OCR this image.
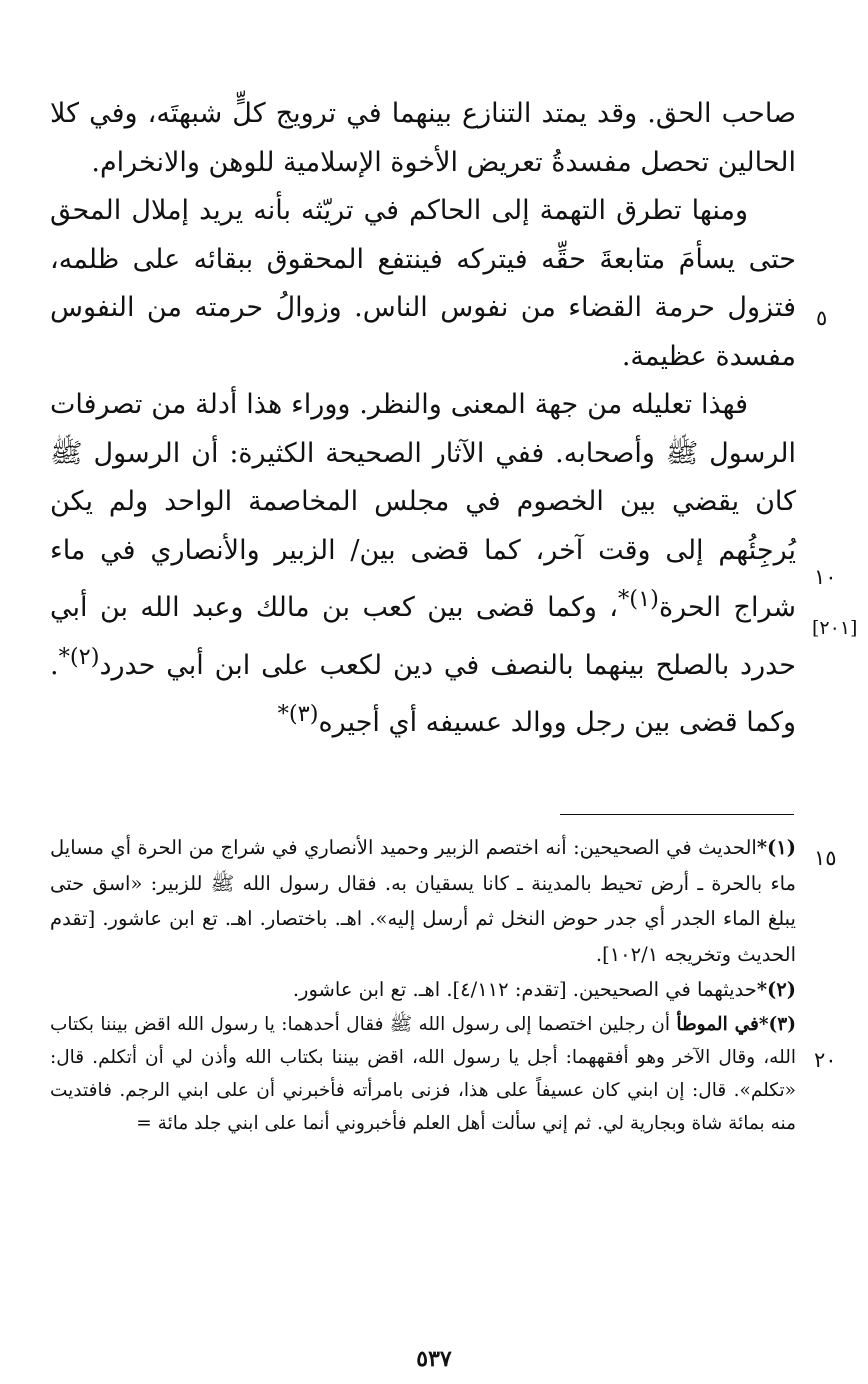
صاحب الحق. وقد يمتد التنازع بينهما في ترويج كلٍّ شبهتَه، وفي كلا الحالين تحصل مفسدةُ تعريض الأخوة الإسلامية للوهن والانخرام.

ومنها تطرق التهمة إلى الحاكم في تريّثه بأنه يريد إملال المحق حتى يسأمَ متابعةَ حقِّه فيتركه فينتفع المحقوق ببقائه على ظلمه، فتزول حرمة القضاء من نفوس الناس. وزوالُ حرمته من النفوس مفسدة عظيمة.

فهذا تعليله من جهة المعنى والنظر. ووراء هذا أدلة من تصرفات الرسول ﷺ وأصحابه. ففي الآثار الصحيحة الكثيرة: أن الرسول ﷺ كان يقضي بين الخصوم في مجلس المخاصمة الواحد ولم يكن يُرجِئُهم إلى وقت آخر، كما قضى بين/ الزبير والأنصاري في ماء شراج الحرة$^{(١)*}$، وكما قضى بين كعب بن مالك وعبد الله بن أبي حدرد بالصلح بينهما بالنصف في دين لكعب على ابن أبي حدرد$^{(٢)*}$. وكما قضى بين رجل ووالد عسيفه أي أجيره$^{(٣)*}$

٥
١٠
١٥
٢٠
[٢٠١]

(١)*الحديث في الصحيحين: أنه اختصم الزبير وحميد الأنصاري في شراج من الحرة أي مسايل ماء بالحرة ـ أرض تحيط بالمدينة ـ كانا يسقيان به. فقال رسول الله ﷺ للزبير: «اسق حتى يبلغ الماء الجدر أي جدر حوض النخل ثم أرسل إليه». اهـ. باختصار. اهـ. تع ابن عاشور. [تقدم الحديث وتخريجه ١٠٢/١].

(٢)*حديثهما في الصحيحين. [تقدم: ٤/١١٢]. اهـ. تع ابن عاشور.

(٣)*في الموطأ أن رجلين اختصما إلى رسول الله ﷺ فقال أحدهما: يا رسول الله اقض بيننا بكتاب الله، وقال الآخر وهو أفقههما: أجل يا رسول الله، اقض بيننا بكتاب الله وأذن لي أن أتكلم. قال: «تكلم». قال: إن ابني كان عسيفاً على هذا، فزنى بامرأته فأخبرني أن على ابني الرجم. فافتديت منه بمائة شاة وبجارية لي. ثم إني سألت أهل العلم فأخبروني أنما على ابني جلد مائة =

٥٣٧
